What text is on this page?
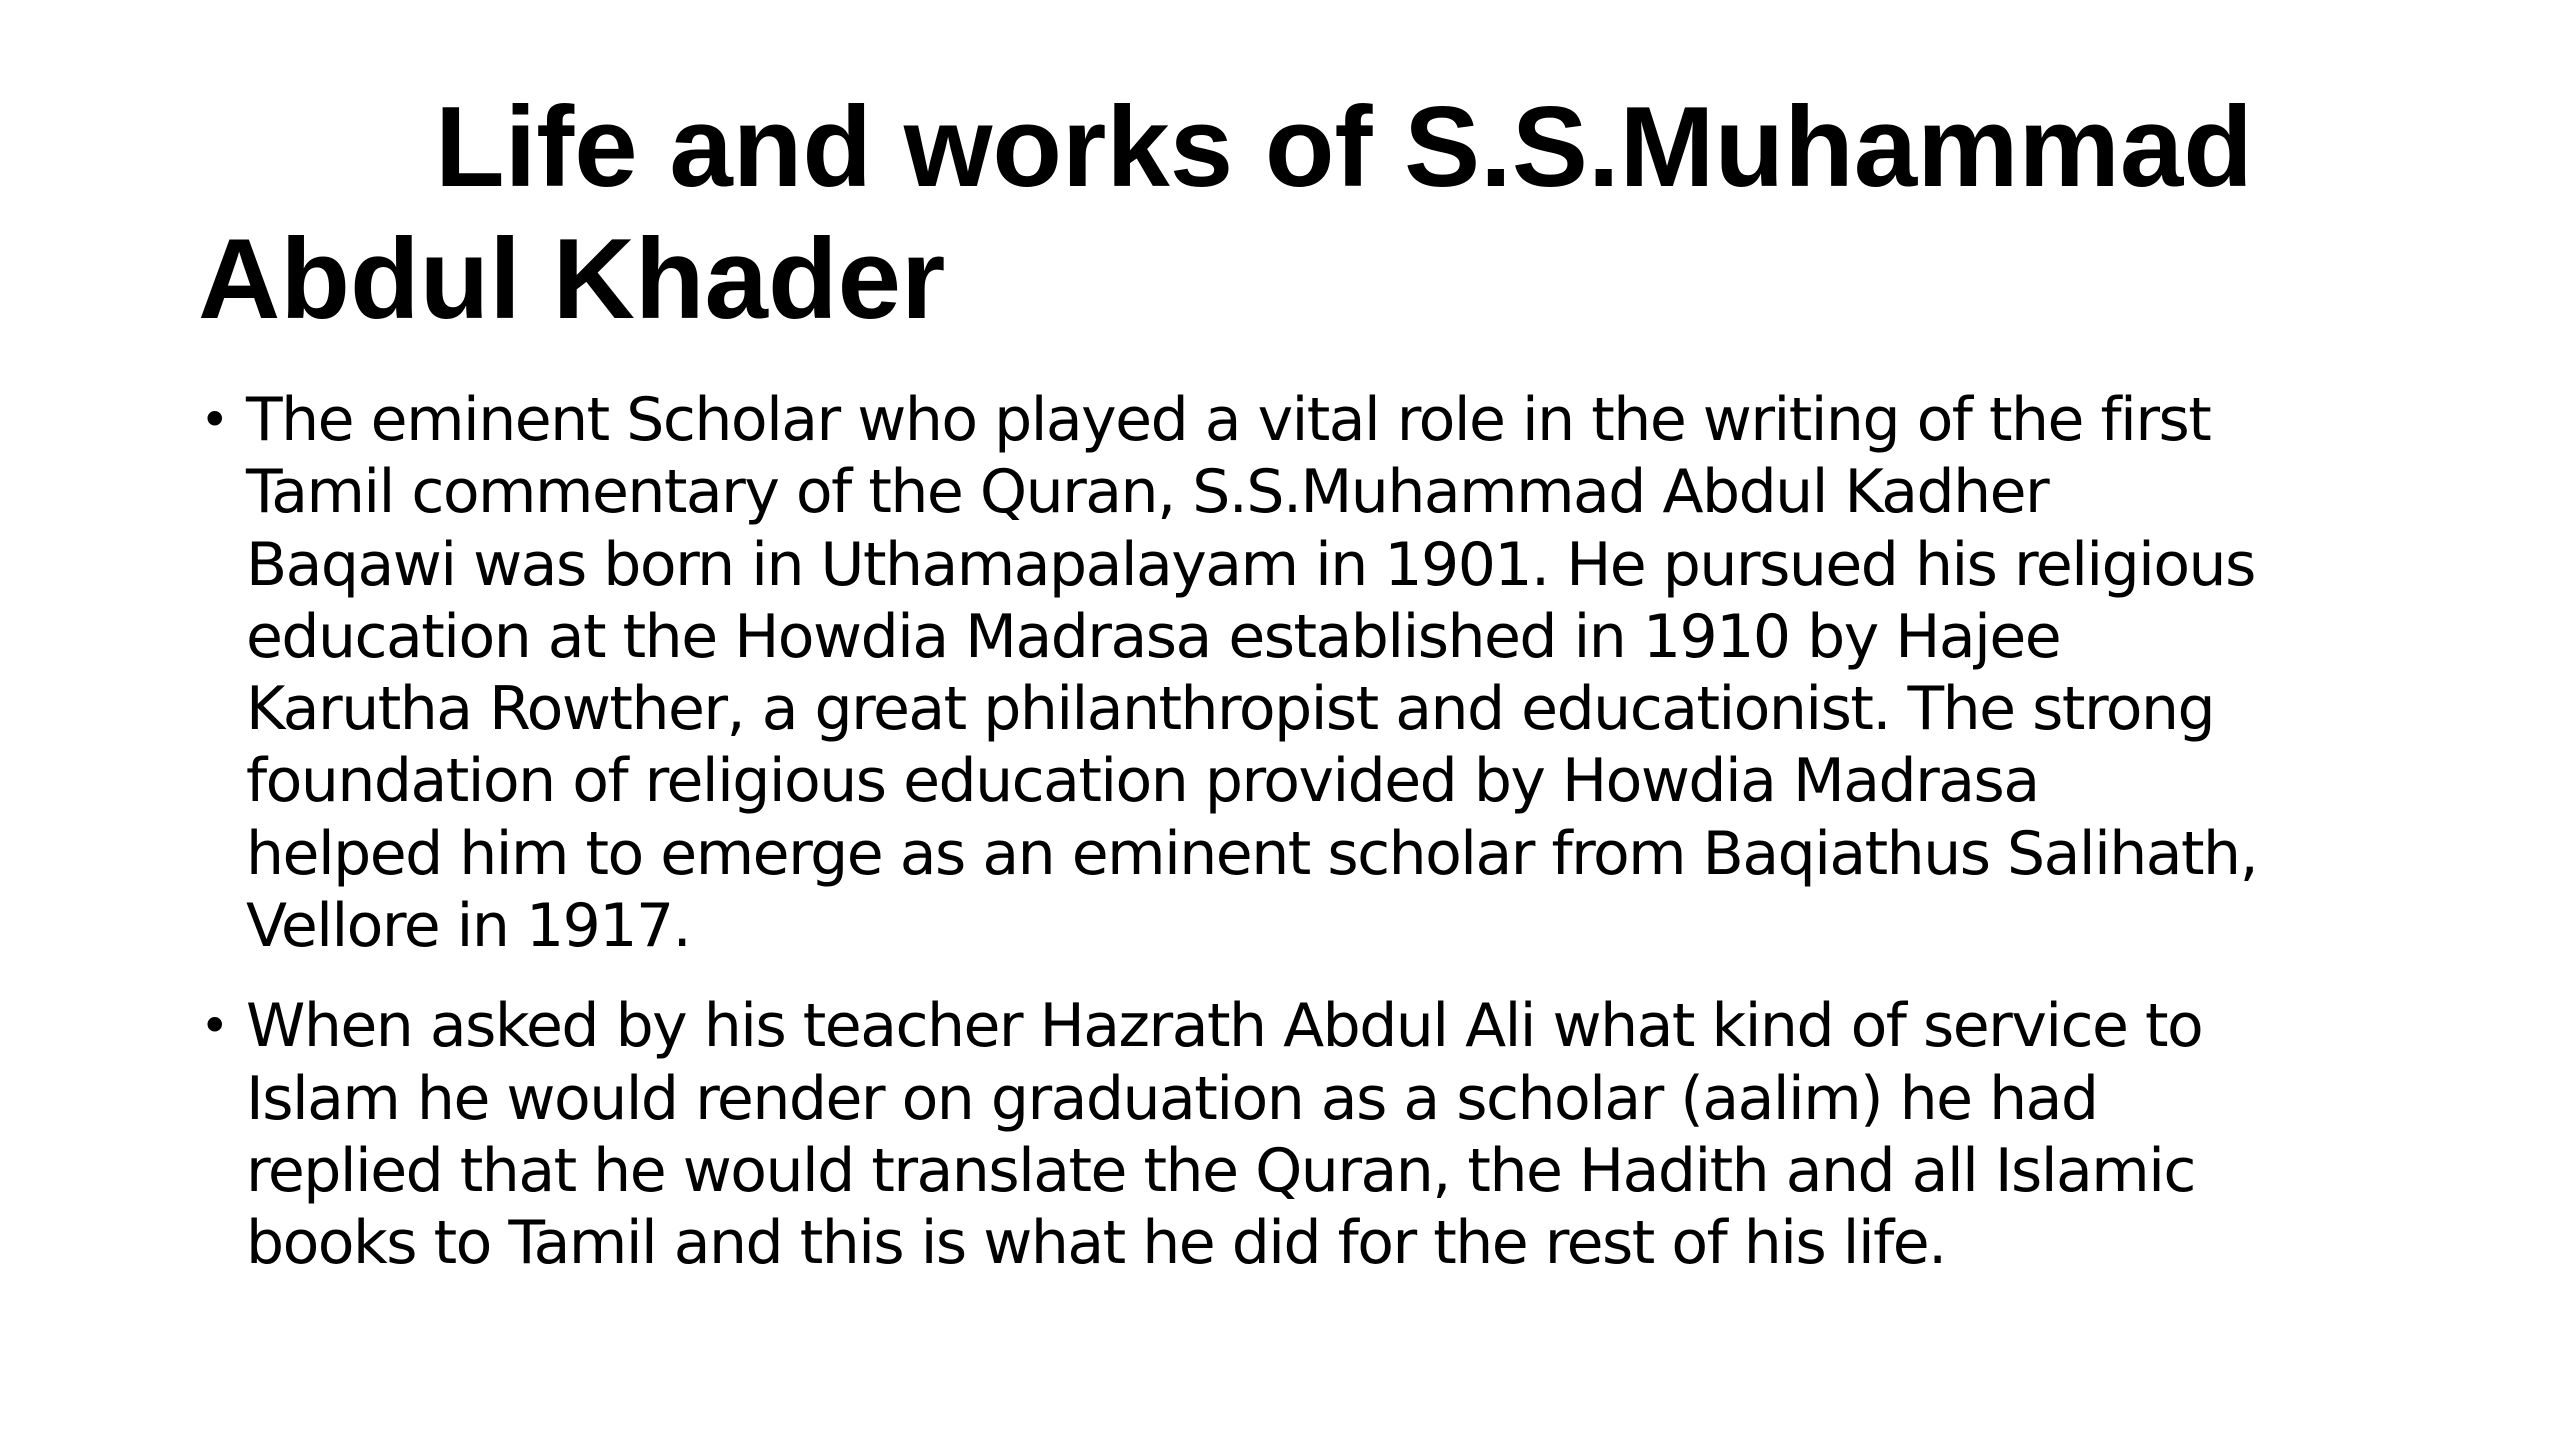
Life and works of S.S.Muhammad Abdul Khader
• The eminent Scholar who played a vital role in the writing of the first
Tamil commentary of the Quran, S.S.Muhammad Abdul Kadher
Baqawi was born in Uthamapalayam in 1901. He pursued his religious
education at the Howdia Madrasa established in 1910 by Hajee
Karutha Rowther, a great philanthropist and educationist. The strong
foundation of religious education provided by Howdia Madrasa
helped him to emerge as an eminent scholar from Baqiathus Salihath,
Vellore in 1917.
• When asked by his teacher Hazrath Abdul Ali what kind of service to
Islam he would render on graduation as a scholar (aalim) he had
replied that he would translate the Quran, the Hadith and all Islamic
books to Tamil and this is what he did for the rest of his life.
